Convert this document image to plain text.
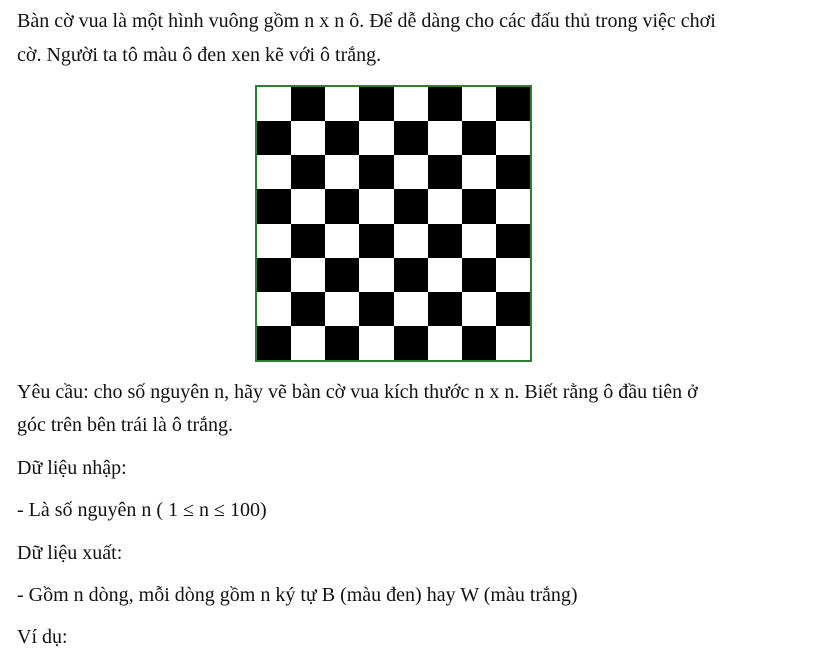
Bàn cờ vua là một hình vuông gồm n x n ô. Để dễ dàng cho các đấu thủ trong việc chơi
cờ. Người ta tô màu ô đen xen kẽ với ô trắng.
Yêu cầu: cho số nguyên n, hãy vẽ bàn cờ vua kích thước n x n. Biết rằng ô đầu tiên ở
góc trên bên trái là ô trắng.
Dữ liệu nhập:
- Là số nguyên n ( 1 ≤ n ≤ 100)
Dữ liệu xuất:
- Gồm n dòng, mỗi dòng gồm n ký tự B (màu đen) hay W (màu trắng)
Ví dụ:
